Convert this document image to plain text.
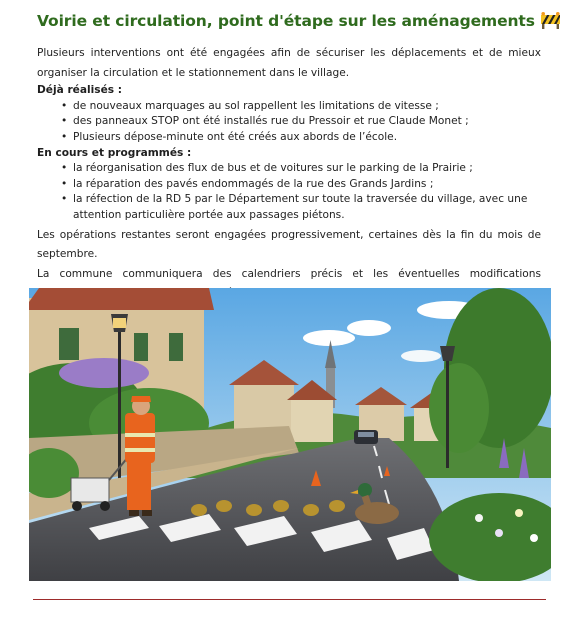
Voirie et circulation, point d'étape sur les aménagements

Plusieurs interventions ont été engagées afin de sécuriser les déplacements et de mieux organiser la circulation et le stationnement dans le village.

Déjà réalisés :

• de nouveaux marquages au sol rappellent les limitations de vitesse ;
• des panneaux STOP ont été installés rue du Pressoir et rue Claude Monet ;
• Plusieurs dépose-minute ont été créés aux abords de l’école.

En cours et programmés :

• la réorganisation des flux de bus et de voitures sur le parking de la Prairie ;
• la réparation des pavés endommagés de la rue des Grands Jardins ;
• la réfection de la RD 5 par le Département sur toute la traversée du village, avec une attention particulière portée aux passages piétons.

Les opérations restantes seront engagées progressivement, certaines dès la fin du mois de septembre.

La commune communiquera des calendriers précis et les éventuelles modifications
